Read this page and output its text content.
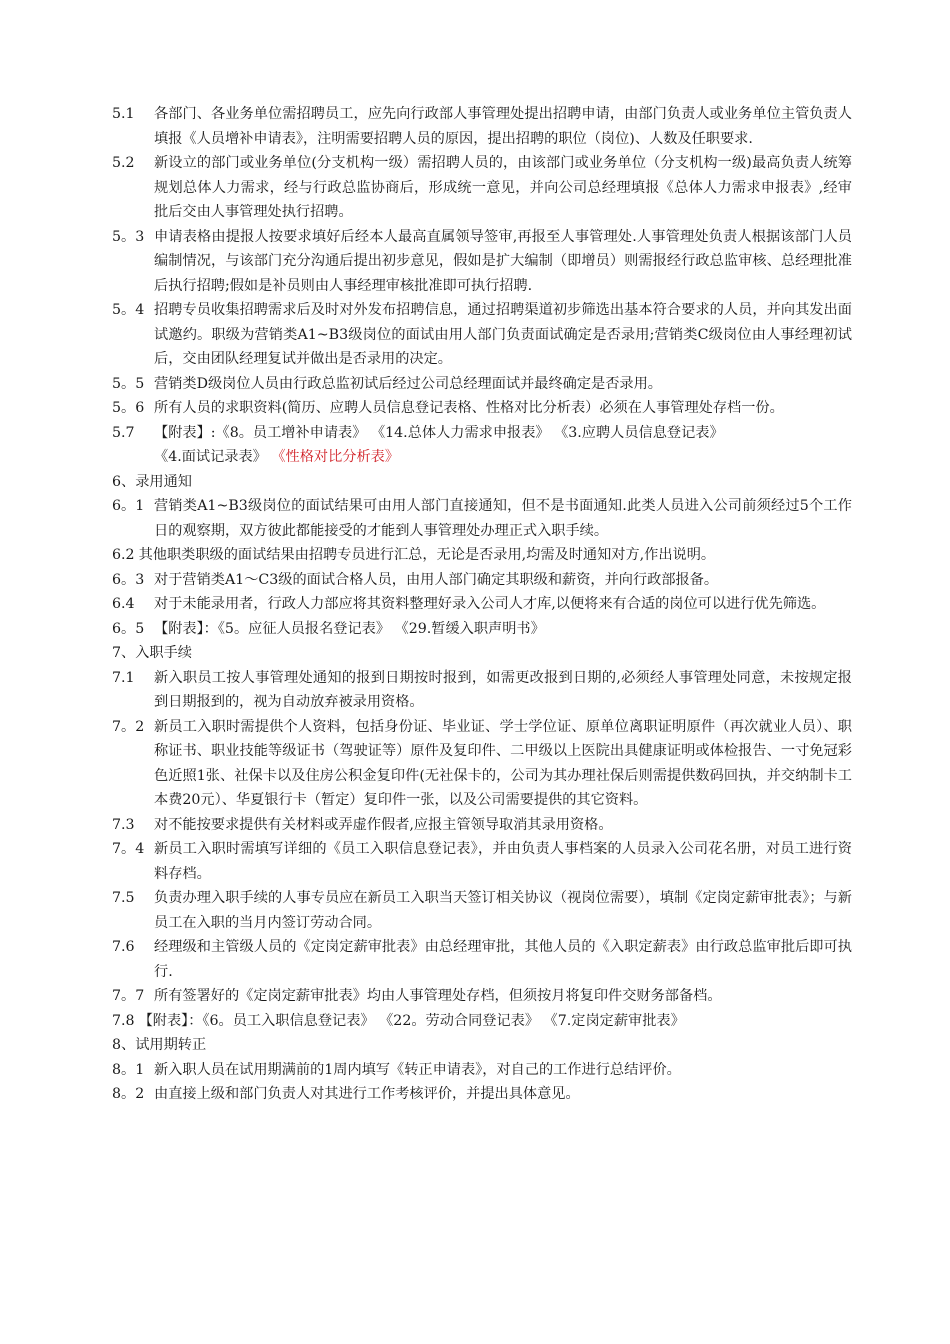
5.1	各部门、各业务单位需招聘员工，应先向行政部人事管理处提出招聘申请，由部门负责人或业务单位主管负责人填报《人员增补申请表》，注明需要招聘人员的原因，提出招聘的职位（岗位)、人数及任职要求.
5.2	新设立的部门或业务单位(分支机构一级）需招聘人员的，由该部门或业务单位（分支机构一级)最高负责人统筹规划总体人力需求，经与行政总监协商后，形成统一意见，并向公司总经理填报《总体人力需求申报表》,经审批后交由人事管理处执行招聘。
5。3 申请表格由提报人按要求填好后经本人最高直属领导签审,再报至人事管理处.人事管理处负责人根据该部门人员编制情况，与该部门充分沟通后提出初步意见，假如是扩大编制（即增员）则需报经行政总监审核、总经理批准后执行招聘;假如是补员则由人事经理审核批准即可执行招聘.
5。4 招聘专员收集招聘需求后及时对外发布招聘信息，通过招聘渠道初步筛选出基本符合要求的人员，并向其发出面试邀约。职级为营销类A1~B3级岗位的面试由用人部门负责面试确定是否录用;营销类C级岗位由人事经理初试后，交由团队经理复试并做出是否录用的决定。
5。5 营销类D级岗位人员由行政总监初试后经过公司总经理面试并最终确定是否录用。
5。6 所有人员的求职资料(简历、应聘人员信息登记表格、性格对比分析表）必须在人事管理处存档一份。
5.7	【附表】:《8。员工增补申请表》 《14.总体人力需求申报表》 《3.应聘人员信息登记表》
《4.面试记录表》 《性格对比分析表》
6、录用通知
6。1 营销类A1~B3级岗位的面试结果可由用人部门直接通知，但不是书面通知.此类人员进入公司前须经过5个工作日的观察期，双方彼此都能接受的才能到人事管理处办理正式入职手续。
6.2 其他职类职级的面试结果由招聘专员进行汇总，无论是否录用,均需及时通知对方,作出说明。
6。3 对于营销类A1～C3级的面试合格人员，由用人部门确定其职级和薪资，并向行政部报备。
6.4	对于未能录用者，行政人力部应将其资料整理好录入公司人才库,以便将来有合适的岗位可以进行优先筛选。
6。5 【附表】：《5。应征人员报名登记表》 《29.暂缓入职声明书》
7、入职手续
7.1	新入职员工按人事管理处通知的报到日期按时报到，如需更改报到日期的,必须经人事管理处同意，未按规定报到日期报到的，视为自动放弃被录用资格。
7。2 新员工入职时需提供个人资料，包括身份证、毕业证、学士学位证、原单位离职证明原件（再次就业人员）、职称证书、职业技能等级证书（驾驶证等）原件及复印件、二甲级以上医院出具健康证明或体检报告、一寸免冠彩色近照1张、社保卡以及住房公积金复印件(无社保卡的，公司为其办理社保后则需提供数码回执，并交纳制卡工本费20元）、华夏银行卡（暂定）复印件一张，以及公司需要提供的其它资料。
7.3	对不能按要求提供有关材料或弄虚作假者,应报主管领导取消其录用资格。
7。4 新员工入职时需填写详细的《员工入职信息登记表》，并由负责人事档案的人员录入公司花名册，对员工进行资料存档。
7.5	负责办理入职手续的人事专员应在新员工入职当天签订相关协议（视岗位需要），填制《定岗定薪审批表》；与新员工在入职的当月内签订劳动合同。
7.6	经理级和主管级人员的《定岗定薪审批表》由总经理审批，其他人员的《入职定薪表》由行政总监审批后即可执行.
7。7 所有签署好的《定岗定薪审批表》均由人事管理处存档，但须按月将复印件交财务部备档。
7.8 【附表】：《6。员工入职信息登记表》 《22。劳动合同登记表》 《7.定岗定薪审批表》
8、试用期转正
8。1 新入职人员在试用期满前的1周内填写《转正申请表》，对自己的工作进行总结评价。
8。2 由直接上级和部门负责人对其进行工作考核评价，并提出具体意见。
